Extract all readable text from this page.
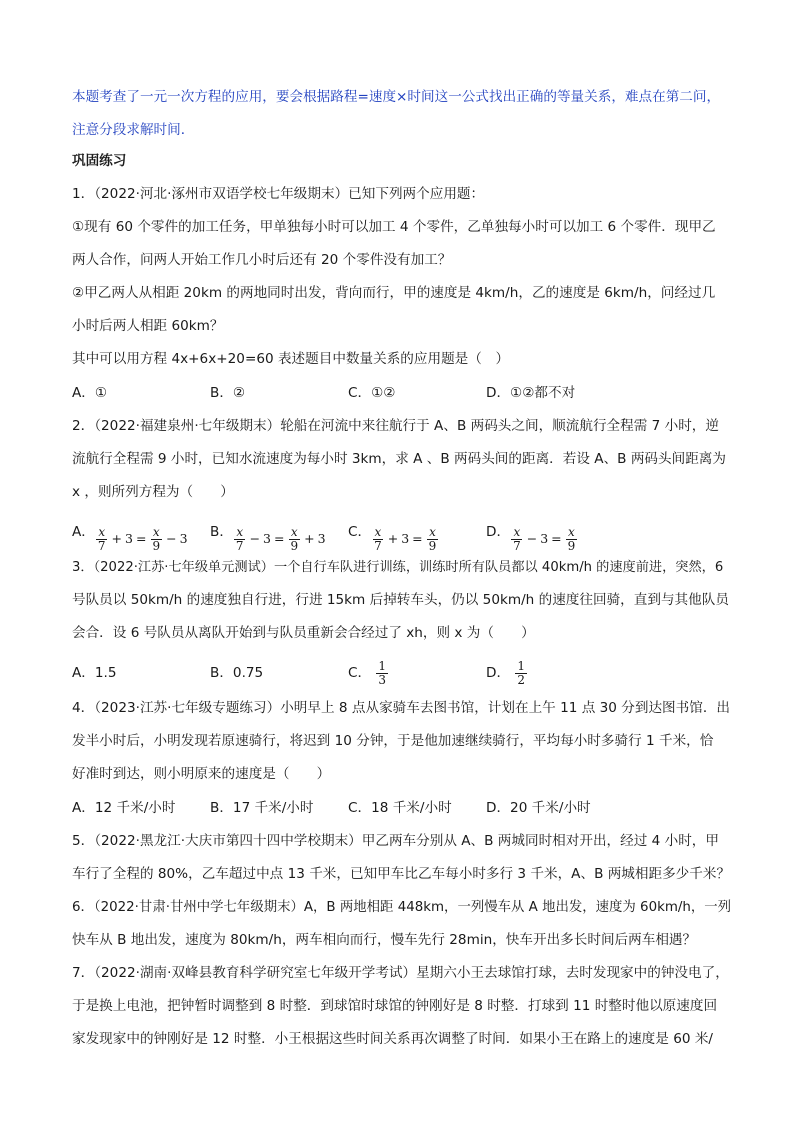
本题考查了一元一次方程的应用，要会根据路程=速度×时间这一公式找出正确的等量关系，难点在第二问，
注意分段求解时间．
巩固练习
1．（2022·河北·涿州市双语学校七年级期末）已知下列两个应用题：
①现有 60 个零件的加工任务，甲单独每小时可以加工 4 个零件，乙单独每小时可以加工 6 个零件．现甲乙
两人合作，问两人开始工作几小时后还有 20 个零件没有加工？
②甲乙两人从相距 20km 的两地同时出发，背向而行，甲的速度是 4km/h，乙的速度是 6km/h，问经过几
小时后两人相距 60km？
其中可以用方程 4x+6x+20=60 表述题目中数量关系的应用题是（　）
A．①	B．②	C．①②	D．①②都不对
2．（2022·福建泉州·七年级期末）轮船在河流中来往航行于 A、B 两码头之间，顺流航行全程需 7 小时，逆
流航行全程需 9 小时，已知水流速度为每小时 3km，求 A 、B 两码头间的距离．若设 A、B 两码头间距离为
x ，则所列方程为（　　）
A． $\frac{x}{7} + 3 = \frac{x}{9} - 3$ B． $\frac{x}{7} - 3 = \frac{x}{9} + 3$ C． $\frac{x}{7} + 3 = \frac{x}{9}$	D． $\frac{x}{7} - 3 = \frac{x}{9}$
3．（2022·江苏·七年级单元测试）一个自行车队进行训练，训练时所有队员都以 40km/h 的速度前进，突然，6
号队员以 50km/h 的速度独自行进，行进 15km 后掉转车头，仍以 50km/h 的速度往回骑，直到与其他队员
会合．设 6 号队员从离队开始到与队员重新会合经过了 xh，则 x 为（　　）
A．1.5	B．0.75	C． $\frac{1}{3}$	D． $\frac{1}{2}$
4．（2023·江苏·七年级专题练习）小明早上 8 点从家骑车去图书馆，计划在上午 11 点 30 分到达图书馆．出
发半小时后，小明发现若原速骑行，将迟到 10 分钟，于是他加速继续骑行，平均每小时多骑行 1 千米，恰
好准时到达，则小明原来的速度是（　　）
A．12 千米/小时	B．17 千米/小时	C．18 千米/小时	D．20 千米/小时
5．（2022·黑龙江·大庆市第四十四中学校期末）甲乙两车分别从 A、B 两城同时相对开出，经过 4 小时，甲
车行了全程的 80%，乙车超过中点 13 千米，已知甲车比乙车每小时多行 3 千米，A、B 两城相距多少千米？
6．（2022·甘肃·甘州中学七年级期末）A，B 两地相距 448km，一列慢车从 A 地出发，速度为 60km/h，一列
快车从 B 地出发，速度为 80km/h，两车相向而行，慢车先行 28min，快车开出多长时间后两车相遇？
7．（2022·湖南·双峰县教育科学研究室七年级开学考试）星期六小王去球馆打球，去时发现家中的钟没电了，
于是换上电池，把钟暂时调整到 8 时整．到球馆时球馆的钟刚好是 8 时整．打球到 11 时整时他以原速度回
家发现家中的钟刚好是 12 时整．小王根据这些时间关系再次调整了时间．如果小王在路上的速度是 60 米/
